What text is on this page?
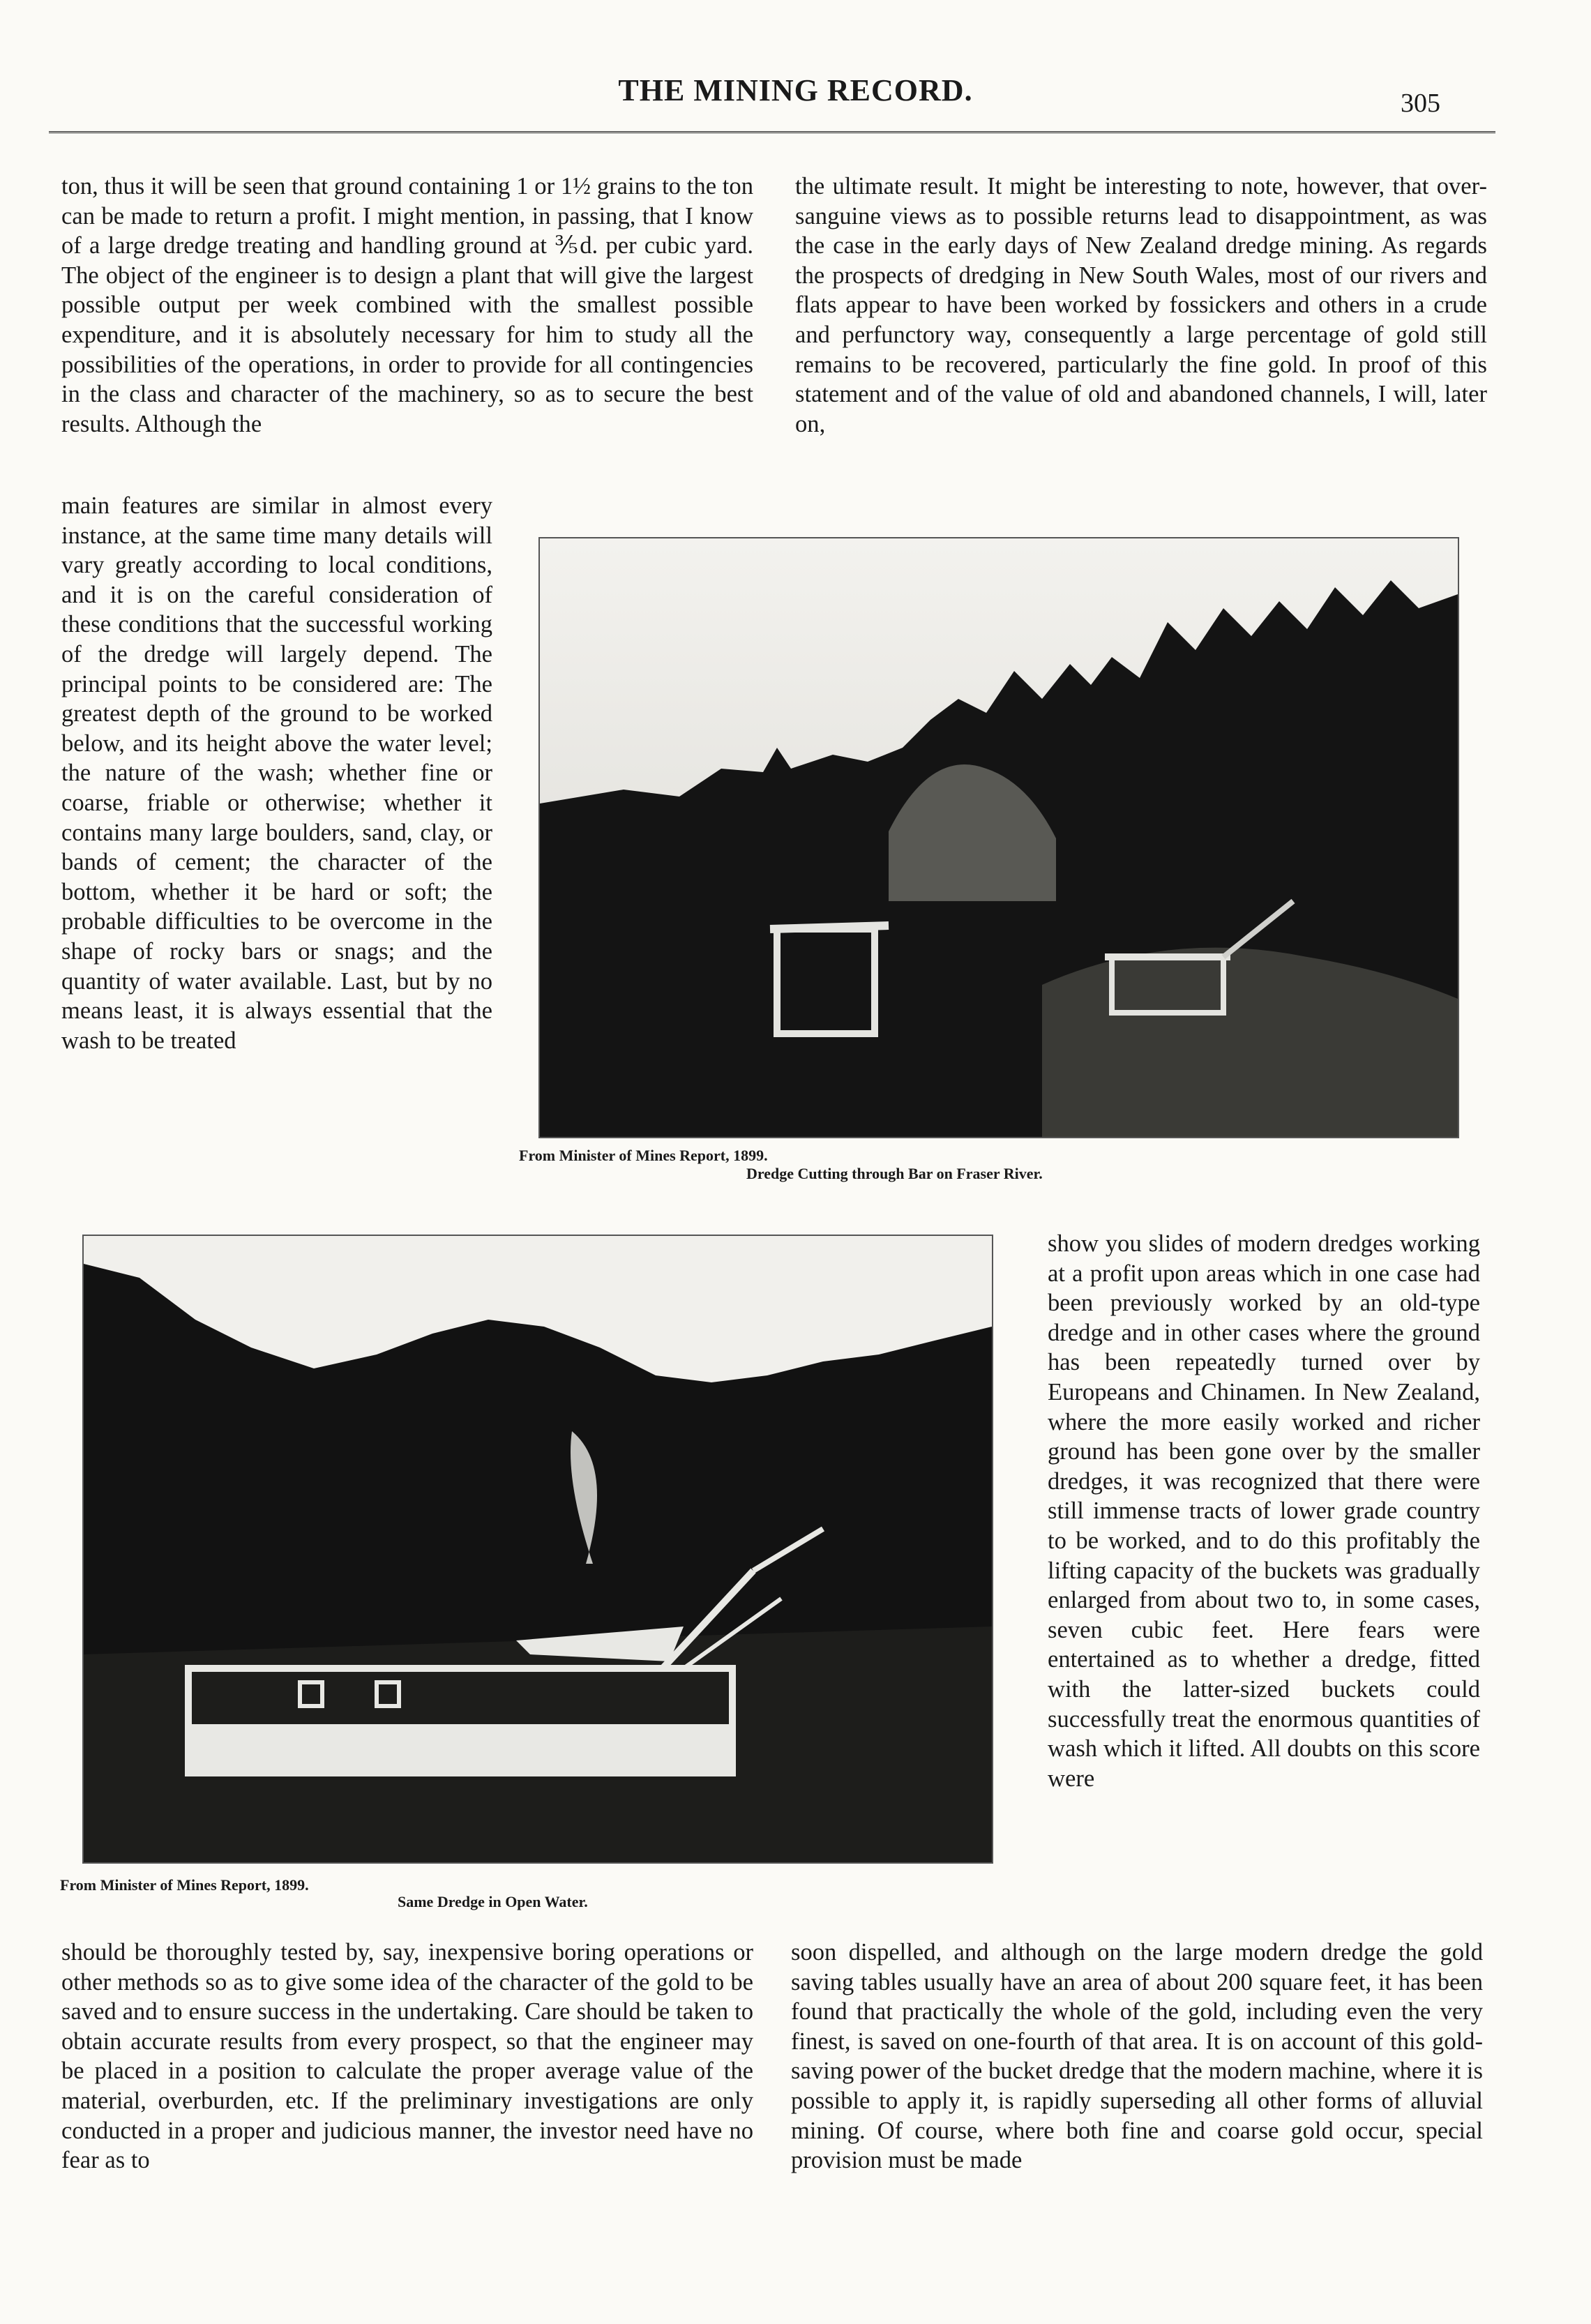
THE MINING RECORD.	305

ton, thus it will be seen that ground containing 1 or 1½ grains to the ton can be made to return a profit. I might mention, in passing, that I know of a large dredge treating and handling ground at ⅗d. per cubic yard. The object of the engineer is to design a plant that will give the largest possible output per week combined with the smallest possible expenditure, and it is absolutely necessary for him to study all the possibilities of the operations, in order to provide for all contingencies in the class and character of the machinery, so as to secure the best results. Although the

main features are similar in almost every instance, at the same time many details will vary greatly according to local conditions, and it is on the careful consideration of these conditions that the successful working of the dredge will largely depend. The principal points to be considered are: The greatest depth of the ground to be worked below, and its height above the water level; the nature of the wash; whether fine or coarse, friable or otherwise; whether it contains many large boulders, sand, clay, or bands of cement; the character of the bottom, whether it be hard or soft; the probable difficulties to be overcome in the shape of rocky bars or snags; and the quantity of water available. Last, but by no means least, it is always essential that the wash to be treated

the ultimate result. It might be interesting to note, however, that over-sanguine views as to possible returns lead to disappointment, as was the case in the early days of New Zealand dredge mining. As regards the prospects of dredging in New South Wales, most of our rivers and flats appear to have been worked by fossickers and others in a crude and perfunctory way, consequently a large percentage of gold still remains to be recovered, particularly the fine gold. In proof of this statement and of the value of old and abandoned channels, I will, later on,

From Minister of Mines Report, 1899.
Dredge Cutting through Bar on Fraser River.
From Minister of Mines Report, 1899.
Same Dredge in Open Water.

show you slides of modern dredges working at a profit upon areas which in one case had been previously worked by an old-type dredge and in other cases where the ground has been repeatedly turned over by Europeans and Chinamen. In New Zealand, where the more easily worked and richer ground has been gone over by the smaller dredges, it was recognized that there were still immense tracts of lower grade country to be worked, and to do this profitably the lifting capacity of the buckets was gradually enlarged from about two to, in some cases, seven cubic feet. Here fears were entertained as to whether a dredge, fitted with the latter-sized buckets could successfully treat the enormous quantities of wash which it lifted. All doubts on this score were

should be thoroughly tested by, say, inexpensive boring operations or other methods so as to give some idea of the character of the gold to be saved and to ensure success in the undertaking. Care should be taken to obtain accurate results from every prospect, so that the engineer may be placed in a position to calculate the proper average value of the material, overburden, etc. If the preliminary investigations are only conducted in a proper and judicious manner, the investor need have no fear as to

soon dispelled, and although on the large modern dredge the gold saving tables usually have an area of about 200 square feet, it has been found that practically the whole of the gold, including even the very finest, is saved on one-fourth of that area. It is on account of this gold-saving power of the bucket dredge that the modern machine, where it is possible to apply it, is rapidly superseding all other forms of alluvial mining. Of course, where both fine and coarse gold occur, special provision must be made
